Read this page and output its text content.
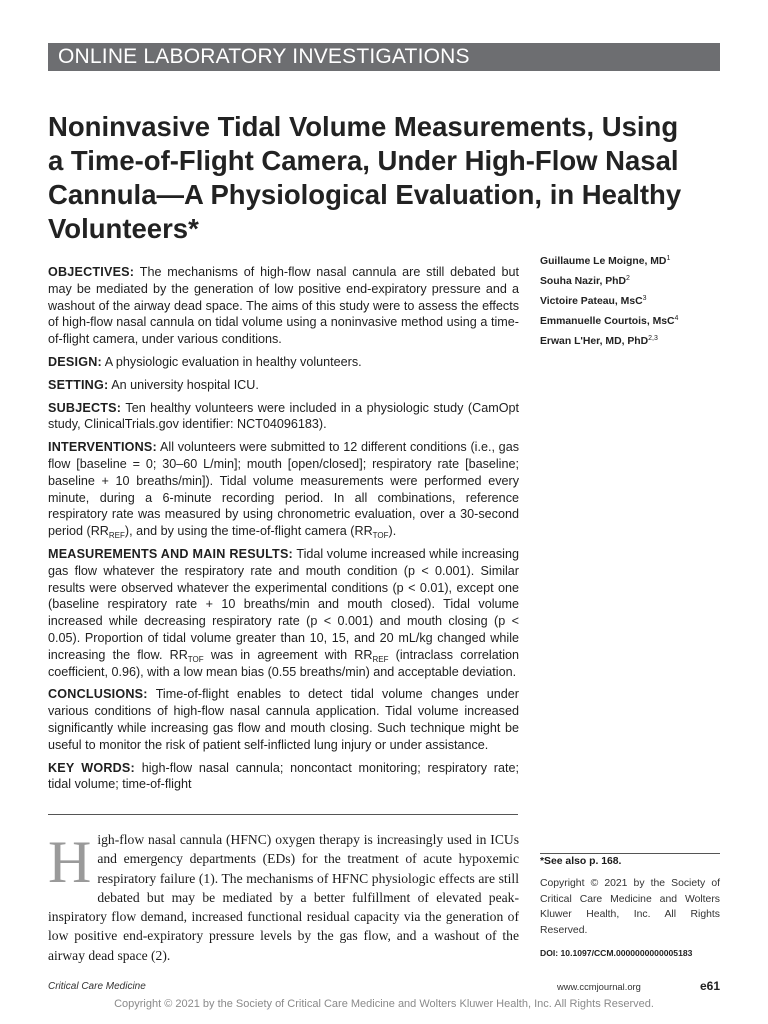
ONLINE LABORATORY INVESTIGATIONS
Noninvasive Tidal Volume Measurements, Using a Time-of-Flight Camera, Under High-Flow Nasal Cannula—A Physiological Evaluation, in Healthy Volunteers*
Guillaume Le Moigne, $MD^1$
Souha Nazir, PhD$^2$
Victoire Pateau, MsC$^3$
Emmanuelle Courtois, MsC$^4$
Erwan L'Her, MD, PhD$^{2,3}$

OBJECTIVES: The mechanisms of high-flow nasal cannula are still debated but may be mediated by the generation of low positive end-expiratory pressure and a washout of the airway dead space. The aims of this study were to assess the effects of high-flow nasal cannula on tidal volume using a noninvasive method using a time-of-flight camera, under various conditions.

DESIGN: A physiologic evaluation in healthy volunteers.

SETTING: An university hospital ICU.

SUBJECTS: Ten healthy volunteers were included in a physiologic study (CamOpt study, ClinicalTrials.gov identifier: NCT04096183).

INTERVENTIONS: All volunteers were submitted to 12 different conditions (i.e., gas flow [baseline = 0; 30–60 L/min]; mouth [open/closed]; respiratory rate [baseline; baseline + 10 breaths/min]). Tidal volume measurements were performed every minute, during a 6-minute recording period. In all combinations, reference respiratory rate was measured by using chronometric evaluation, over a 30-second period $(RR_{REF})$, and by using the time-of-flight camera $(RR_{TOF})$.

MEASUREMENTS AND MAIN RESULTS: Tidal volume increased while increasing gas flow whatever the respiratory rate and mouth condition (p < 0.001). Similar results were observed whatever the experimental conditions (p < 0.01), except one (baseline respiratory rate + 10 breaths/min and mouth closed). Tidal volume increased while decreasing respiratory rate (p < 0.001) and mouth closing (p < 0.05). Proportion of tidal volume greater than 10, 15, and 20 mL/kg changed while increasing the flow. $RR_{TOF}$ was in agreement with $RR_{REF}$ (intraclass correlation coefficient, 0.96), with a low mean bias (0.55 breaths/min) and acceptable deviation.

CONCLUSIONS: Time-of-flight enables to detect tidal volume changes under various conditions of high-flow nasal cannula application. Tidal volume increased significantly while increasing gas flow and mouth closing. Such technique might be useful to monitor the risk of patient self-inflicted lung injury or under assistance.

KEY WORDS: high-flow nasal cannula; noncontact monitoring; respiratory rate; tidal volume; time-of-flight

High-flow nasal cannula (HFNC) oxygen therapy is increasingly used in ICUs and emergency departments (EDs) for the treatment of acute hypoxemic respiratory failure (1). The mechanisms of HFNC physiologic effects are still debated but may be mediated by a better fulfillment of elevated peak-inspiratory flow demand, increased functional residual capacity via the generation of low positive end-expiratory pressure levels by the gas flow, and a washout of the airway dead space (2).
*See also p. 168.
Copyright © 2021 by the Society of Critical Care Medicine and Wolters Kluwer Health, Inc. All Rights Reserved.
DOI: 10.1097/CCM.0000000000005183
Critical Care Medicine	www.ccmjournal.org	e61
Copyright © 2021 by the Society of Critical Care Medicine and Wolters Kluwer Health, Inc. All Rights Reserved.
